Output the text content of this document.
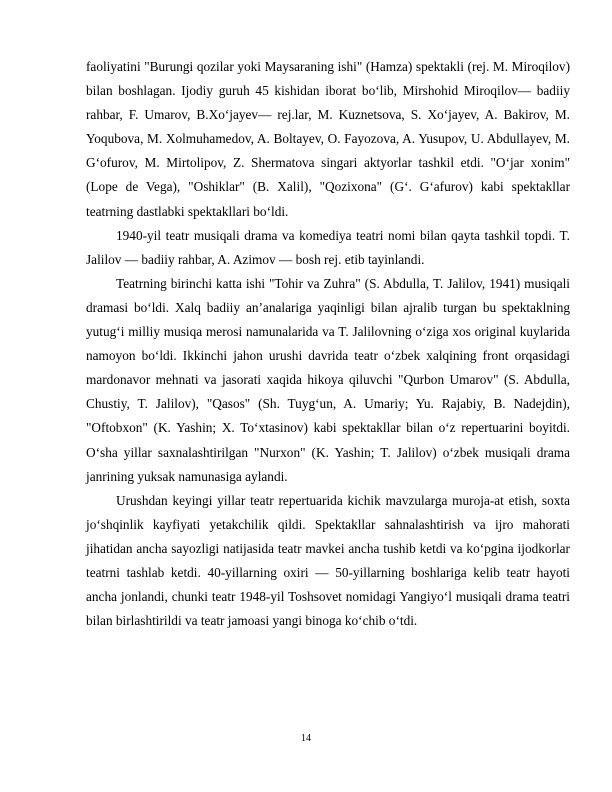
faoliyatini "Burungi qozilar yoki Maysaraning ishi" (Hamza) spektakli (rej. M. Miroqilov) bilan boshlagan. Ijodiy guruh 45 kishidan iborat bo‘lib, Mirshohid Miroqilov— badiiy rahbar, F. Umarov, B.Xo‘jayev— rej.lar, M. Kuznetsova, S. Xo‘jayev, A. Bakirov, M. Yoqubova, M. Xolmuhamedov, A. Boltayev, O. Fayozova, A. Yusupov, U. Abdullayev, M. G‘ofurov, M. Mirtolipov, Z. Shermatova singari aktyorlar tashkil etdi. "O‘jar xonim" (Lope de Vega), "Oshiklar" (B. Xalil), "Qozixona" (G‘. G‘afurov) kabi spektakllar teatrning dastlabki spektakllari bo‘ldi.

1940-yil teatr musiqali drama va komediya teatri nomi bilan qayta tashkil topdi. T. Jalilov — badiiy rahbar, A. Azimov — bosh rej. etib tayinlandi.

Teatrning birinchi katta ishi "Tohir va Zuhra" (S. Abdulla, T. Jalilov, 1941) musiqali dramasi bo‘ldi. Xalq badiiy an’analariga yaqinligi bilan ajralib turgan bu spektaklning yutug‘i milliy musiqa merosi namunalarida va T. Jalilovning o‘ziga xos original kuylarida namoyon bo‘ldi. Ikkinchi jahon urushi davrida teatr o‘zbek xalqining front orqasidagi mardonavor mehnati va jasorati xaqida hikoya qiluvchi "Qurbon Umarov" (S. Abdulla, Chustiy, T. Jalilov), "Qasos" (Sh. Tuyg‘un, A. Umariy; Yu. Rajabiy, B. Nadejdin), "Oftobxon" (K. Yashin; X. To‘xtasinov) kabi spektakllar bilan o‘z repertuarini boyitdi. O‘sha yillar saxnalashtirilgan "Nurxon" (K. Yashin; T. Jalilov) o‘zbek musiqali drama janrining yuksak namunasiga aylandi.

Urushdan keyingi yillar teatr repertuarida kichik mavzularga muroja-at etish, soxta jo‘shqinlik kayfiyati yetakchilik qildi. Spektakllar sahnalashtirish va ijro mahorati jihatidan ancha sayozligi natijasida teatr mavkei ancha tushib ketdi va ko‘pgina ijodkorlar teatrni tashlab ketdi. 40-yillarning oxiri — 50-yillarning boshlariga kelib teatr hayoti ancha jonlandi, chunki teatr 1948-yil Toshsovet nomidagi Yangiyo‘l musiqali drama teatri bilan birlashtirildi va teatr jamoasi yangi binoga ko‘chib o‘tdi.

14
